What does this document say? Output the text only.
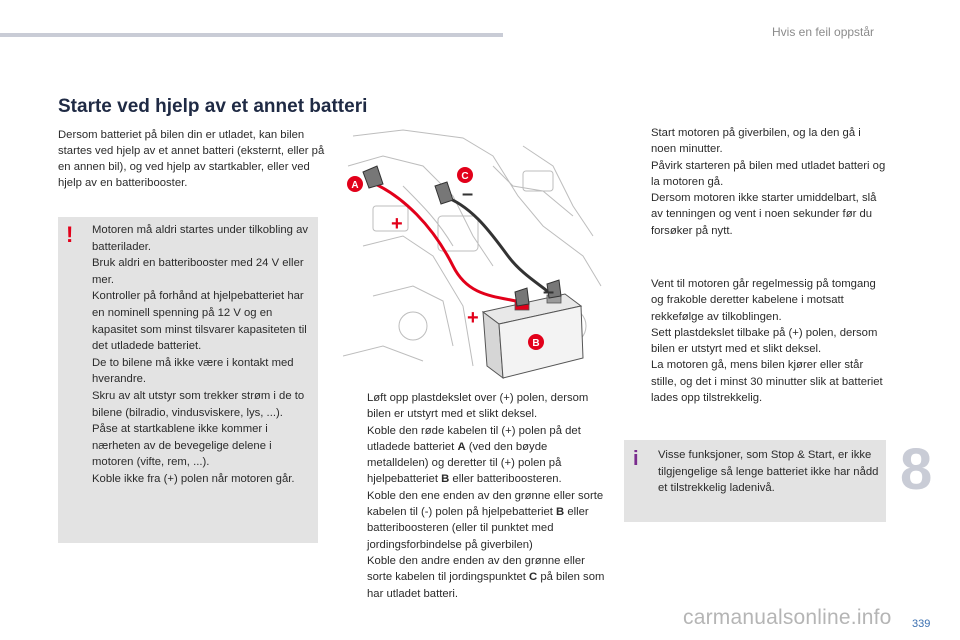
Hvis en feil oppstår
Starte ved hjelp av et annet batteri
Dersom batteriet på bilen din er utladet, kan bilen startes ved hjelp av et annet batteri (eksternt, eller på en annen bil), og ved hjelp av startkabler, eller ved hjelp av en batteribooster.
!	Motoren må aldri startes under tilkobling av batterilader.

Bruk aldri en batteribooster med 24 V eller mer.

Kontroller på forhånd at hjelpebatteriet har en nominell spenning på 12 V og en kapasitet som minst tilsvarer kapasiteten til det utladede batteriet.

De to bilene må ikke være i kontakt med hverandre.

Skru av alt utstyr som trekker strøm i de to bilene (bilradio, vindusviskere, lys, ...).

Påse at startkablene ikke kommer i nærheten av de bevegelige delene i motoren (vifte, rem, ...).

Koble ikke fra (+) polen når motoren går.

+
–
+
–
A
C
B
Løft opp plastdekslet over (+) polen, dersom bilen er utstyrt med et slikt deksel.
Koble den røde kabelen til (+) polen på det utladede batteriet A (ved den bøyde metalldelen) og deretter til (+) polen på hjelpebatteriet B eller batteriboosteren.
Koble den ene enden av den grønne eller sorte kabelen til (-) polen på hjelpebatteriet B eller batteriboosteren (eller til punktet med jordingsforbindelse på giverbilen)
Koble den andre enden av den grønne eller sorte kabelen til jordingspunktet C på bilen som har utladet batteri.
Start motoren på giverbilen, og la den gå i noen minutter.
Påvirk starteren på bilen med utladet batteri og la motoren gå.
Dersom motoren ikke starter umiddelbart, slå av tenningen og vent i noen sekunder før du forsøker på nytt.
Vent til motoren går regelmessig på tomgang og frakoble deretter kabelene i motsatt rekkefølge av tilkoblingen.
Sett plastdekslet tilbake på (+) polen, dersom bilen er utstyrt med et slikt deksel.
La motoren gå, mens bilen kjører eller står stille, og det i minst 30 minutter slik at batteriet lades opp tilstrekkelig.
i	Visse funksjoner, som Stop & Start, er ikke tilgjengelige så lenge batteriet ikke har nådd et tilstrekkelig ladenivå.	8
carmanualsonline.info 339
